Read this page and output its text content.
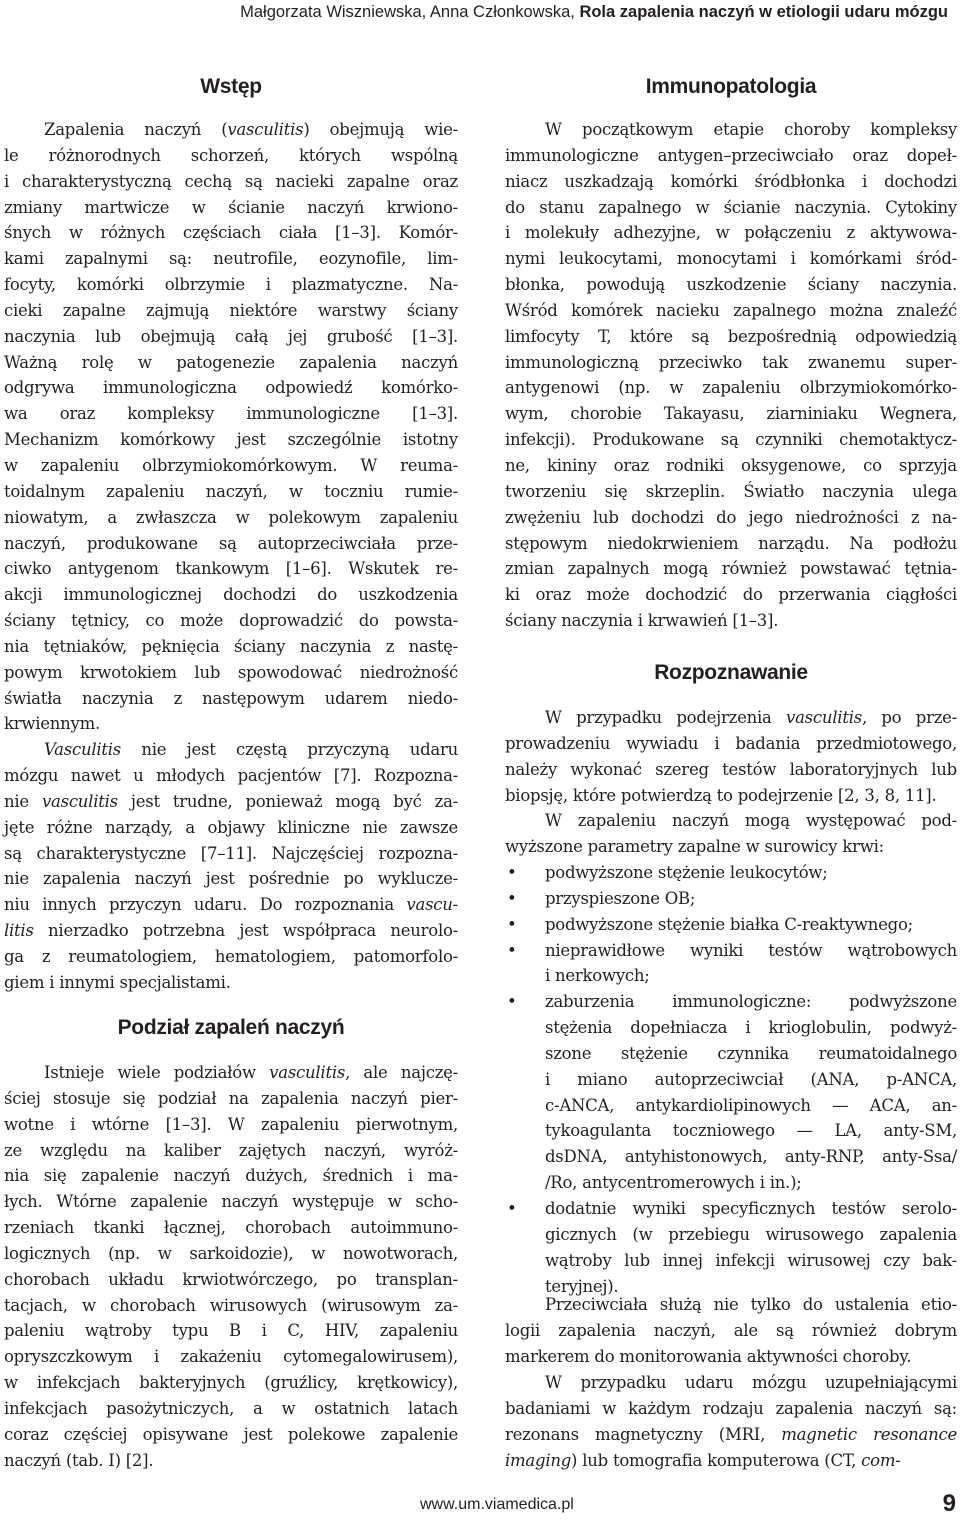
Małgorzata Wiszniewska, Anna Członkowska, Rola zapalenia naczyń w etiologii udaru mózgu
Wstęp
Zapalenia naczyń (vasculitis) obejmują wie-
le różnorodnych schorzeń, których wspólną
i charakterystyczną cechą są nacieki zapalne oraz
zmiany martwicze w ścianie naczyń krwiono-
śnych w różnych częściach ciała [1–3]. Komór-
kami zapalnymi są: neutrofile, eozynofile, lim-
focyty, komórki olbrzymie i plazmatyczne. Na-
cieki zapalne zajmują niektóre warstwy ściany
naczynia lub obejmują całą jej grubość [1–3].
Ważną rolę w patogenezie zapalenia naczyń
odgrywa immunologiczna odpowiedź komórko-
wa oraz kompleksy immunologiczne [1–3].
Mechanizm komórkowy jest szczególnie istotny
w zapaleniu olbrzymiokomórkowym. W reuma-
toidalnym zapaleniu naczyń, w toczniu rumie-
niowatym, a zwłaszcza w polekowym zapaleniu
naczyń, produkowane są autoprzeciwciała prze-
ciwko antygenom tkankowym [1–6]. Wskutek re-
akcji immunologicznej dochodzi do uszkodzenia
ściany tętnicy, co może doprowadzić do powsta-
nia tętniaków, pęknięcia ściany naczynia z nastę-
powym krwotokiem lub spowodować niedrożność
światła naczynia z następowym udarem niedo-
krwiennym.
Vasculitis nie jest częstą przyczyną udaru
mózgu nawet u młodych pacjentów [7]. Rozpozna-
nie vasculitis jest trudne, ponieważ mogą być za-
jęte różne narządy, a objawy kliniczne nie zawsze
są charakterystyczne [7–11]. Najczęściej rozpozna-
nie zapalenia naczyń jest pośrednie po wyklucze-
niu innych przyczyn udaru. Do rozpoznania vascu-
litis nierzadko potrzebna jest współpraca neurolo-
ga z reumatologiem, hematologiem, patomorfolo-
giem i innymi specjalistami.
Podział zapaleń naczyń
Istnieje wiele podziałów vasculitis, ale najczę-
ściej stosuje się podział na zapalenia naczyń pier-
wotne i wtórne [1–3]. W zapaleniu pierwotnym,
ze względu na kaliber zajętych naczyń, wyróż-
nia się zapalenie naczyń dużych, średnich i ma-
łych. Wtórne zapalenie naczyń występuje w scho-
rzeniach tkanki łącznej, chorobach autoimmuno-
logicznych (np. w sarkoidozie), w nowotworach,
chorobach układu krwiotwórczego, po transplan-
tacjach, w chorobach wirusowych (wirusowym za-
paleniu wątroby typu B i C, HIV, zapaleniu
opryszczkowym i zakażeniu cytomegalowirusem),
w infekcjach bakteryjnych (gruźlicy, krętkowicy),
infekcjach pasożytniczych, a w ostatnich latach
coraz częściej opisywane jest polekowe zapalenie
naczyń (tab. I) [2].
Immunopatologia
W początkowym etapie choroby kompleksy
immunologiczne antygen–przeciwciało oraz dopeł-
niacz uszkadzają komórki śródbłonka i dochodzi
do stanu zapalnego w ścianie naczynia. Cytokiny
i molekuły adhezyjne, w połączeniu z aktywowa-
nymi leukocytami, monocytami i komórkami śród-
błonka, powodują uszkodzenie ściany naczynia.
Wśród komórek nacieku zapalnego można znaleźć
limfocyty T, które są bezpośrednią odpowiedzią
immunologiczną przeciwko tak zwanemu super-
antygenowi (np. w zapaleniu olbrzymiokomórko-
wym, chorobie Takayasu, ziarniniaku Wegnera,
infekcji). Produkowane są czynniki chemotaktycz-
ne, kininy oraz rodniki oksygenowe, co sprzyja
tworzeniu się skrzeplin. Światło naczynia ulega
zwężeniu lub dochodzi do jego niedrożności z na-
stępowym niedokrwieniem narządu. Na podłożu
zmian zapalnych mogą również powstawać tętnia-
ki oraz może dochodzić do przerwania ciągłości
ściany naczynia i krwawień [1–3].
Rozpoznawanie
W przypadku podejrzenia vasculitis, po prze-
prowadzeniu wywiadu i badania przedmiotowego,
należy wykonać szereg testów laboratoryjnych lub
biopsję, które potwierdzą to podejrzenie [2, 3, 8, 11].
W zapaleniu naczyń mogą występować pod-
wyższone parametry zapalne w surowicy krwi:
• podwyższone stężenie leukocytów;
• przyspieszone OB;
• podwyższone stężenie białka C-reaktywnego;
• nieprawidłowe wyniki testów wątrobowych
i nerkowych;
• zaburzenia immunologiczne: podwyższone
stężenia dopełniacza i krioglobulin, podwyż-
szone stężenie czynnika reumatoidalnego
i miano autoprzeciwciał (ANA, p-ANCA,
c-ANCA, antykardiolipinowych — ACA, an-
tykoagulanta toczniowego — LA, anty-SM,
dsDNA, antyhistonowych, anty-RNP, anty-Ssa/
/Ro, antycentromerowych i in.);
• dodatnie wyniki specyficznych testów serolo-
gicznych (w przebiegu wirusowego zapalenia
wątroby lub innej infekcji wirusowej czy bak-
teryjnej).
Przeciwciała służą nie tylko do ustalenia etio-
logii zapalenia naczyń, ale są również dobrym
markerem do monitorowania aktywności choroby.
W przypadku udaru mózgu uzupełniającymi
badaniami w każdym rodzaju zapalenia naczyń są:
rezonans magnetyczny (MRI, magnetic resonance
imaging) lub tomografia komputerowa (CT, com-
www.um.viamedica.pl	9
